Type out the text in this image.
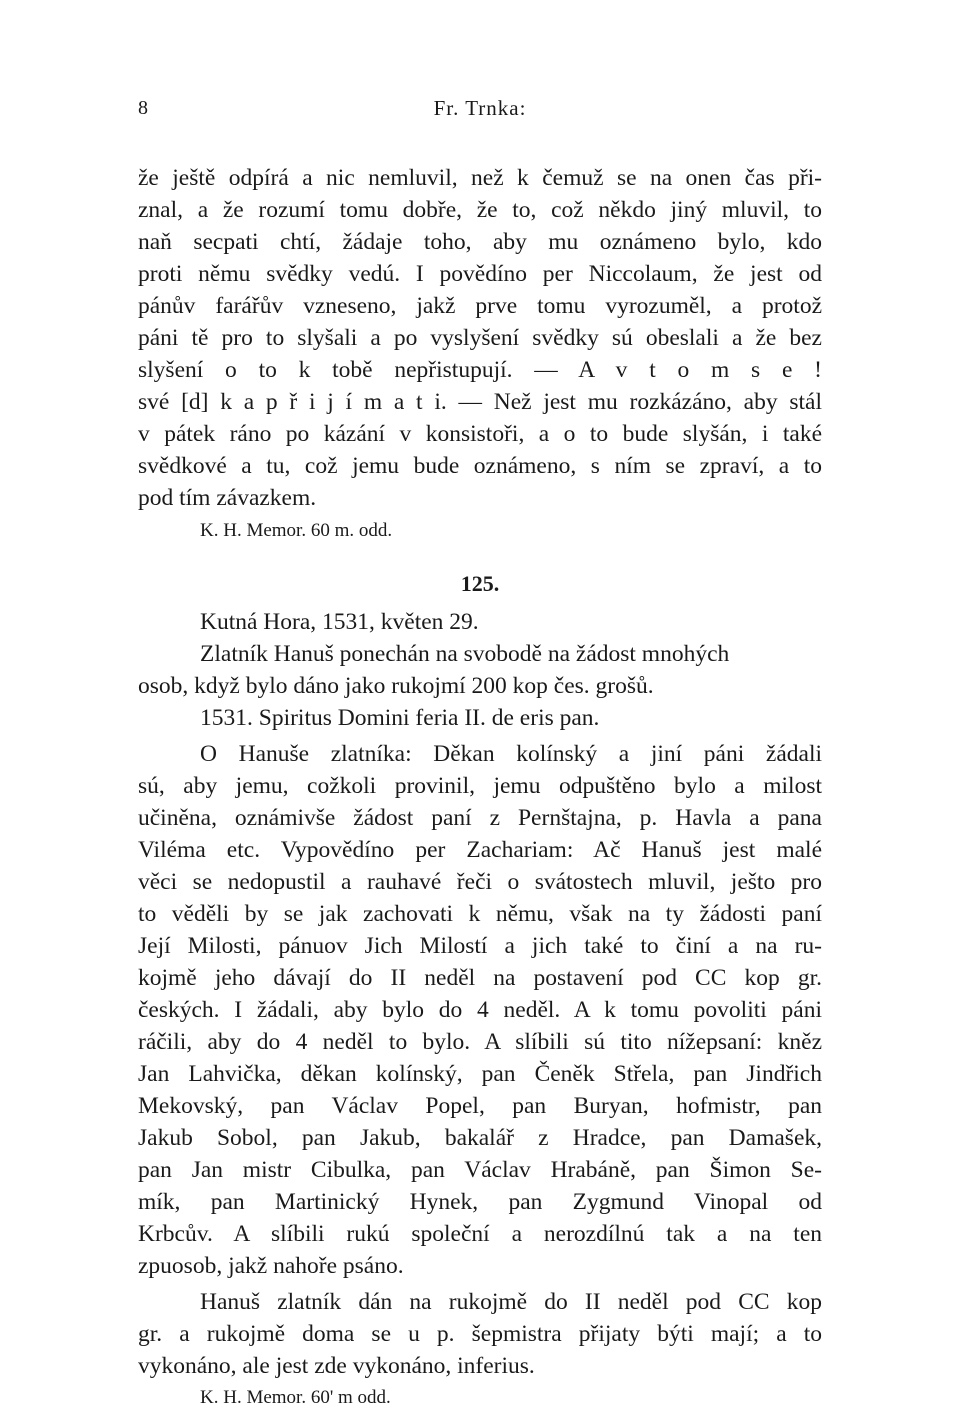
8	Fr. Trnka:
že ještě odpírá a nic nemluvil, než k čemuž se na onen čas při-
znal, a že rozumí tomu dobře, že to, což někdo jiný mluvil, to
naň secpati chtí, žádaje toho, aby mu oznámeno bylo, kdo
proti němu svědky vedú. I povědíno per Niccolaum, že jest od
pánův farářův vzneseno, jakž prve tomu vyrozuměl, a protož
páni tě pro to slyšali a po vyslyšení svědky sú obeslali a že bez
slyšení o to k tobě nepřistupují. — A v t o m s e !
své [d] k a p ř i j í m a t i. — Než jest mu rozkázáno, aby stál
v pátek ráno po kázání v konsistoři, a o to bude slyšán, i také
svědkové a tu, což jemu bude oznámeno, s ním se zpraví, a to
pod tím závazkem.
K. H. Memor. 60 m. odd.
125.
Kutná Hora, 1531, květen 29.
Zlatník Hanuš ponechán na svobodě na žádost mnohých
osob, když bylo dáno jako rukojmí 200 kop čes. grošů.
1531. Spiritus Domini feria II. de eris pan.
O Hanuše zlatníka: Děkan kolínský a jiní páni žádali
sú, aby jemu, cožkoli provinil, jemu odpuštěno bylo a milost
učiněna, oznámivše žádost paní z Pernštajna, p. Havla a pana
Viléma etc. Vypovědíno per Zachariam: Ač Hanuš jest malé
věci se nedopustil a rauhavé řeči o svátostech mluvil, ješto pro
to věděli by se jak zachovati k němu, však na ty žádosti paní
Její Milosti, pánuov Jich Milostí a jich také to činí a na ru-
kojmě jeho dávají do II neděl na postavení pod CC kop gr.
českých. I žádali, aby bylo do 4 neděl. A k tomu povoliti páni
ráčili, aby do 4 neděl to bylo. A slíbili sú tito nížepsaní: kněz
Jan Lahvička, děkan kolínský, pan Čeněk Střela, pan Jindřich
Mekovský, pan Václav Popel, pan Buryan, hofmistr, pan
Jakub Sobol, pan Jakub, bakalář z Hradce, pan Damašek,
pan Jan mistr Cibulka, pan Václav Hrabáně, pan Šimon Se-
mík, pan Martinický Hynek, pan Zygmund Vinopal od
Krbcův. A slíbili rukú společní a nerozdílnú tak a na ten
zpuosob, jakž nahoře psáno.
Hanuš zlatník dán na rukojmě do II neděl pod CC kop
gr. a rukojmě doma se u p. šepmistra přijaty býti mají; a to
vykonáno, ale jest zde vykonáno, inferius.
K. H. Memor. 60' m odd.
